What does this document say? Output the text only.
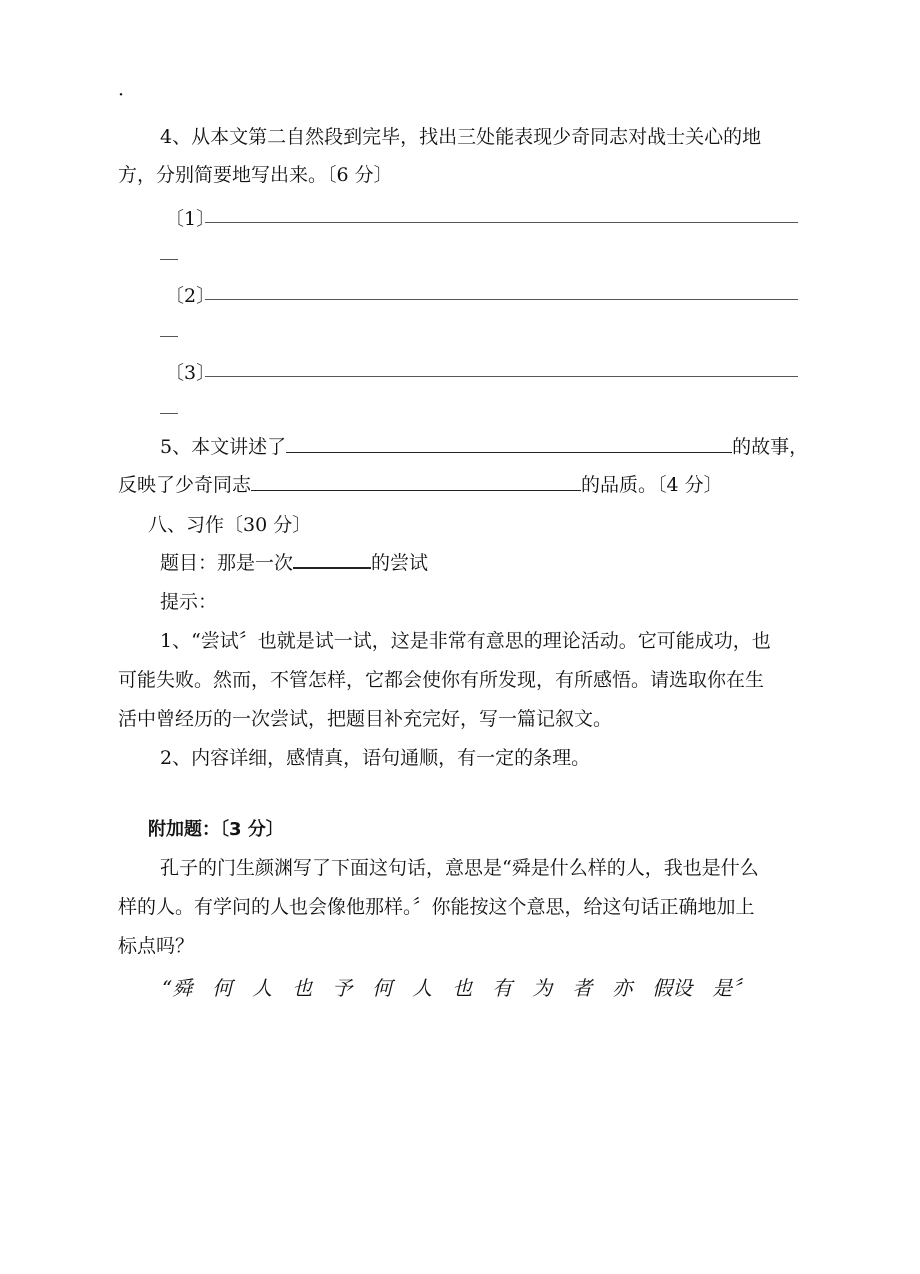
·
4、从本文第二自然段到完毕，找出三处能表现少奇同志对战士关心的地
方，分别简要地写出来。〔6 分〕
〔1〕
〔2〕
〔3〕
5、本文讲述了	的故事，
反映了少奇同志	的品质。〔4 分〕
八、习作〔30 分〕
题目：那是一次	的尝试
提示：
1、“尝试〞也就是试一试，这是非常有意思的理论活动。它可能成功，也
可能失败。然而，不管怎样，它都会使你有所发现，有所感悟。请选取你在生
活中曾经历的一次尝试，把题目补充完好，写一篇记叙文。
2、内容详细，感情真，语句通顺，有一定的条理。
附加题：〔3 分〕
孔子的门生颜渊写了下面这句话，意思是“舜是什么样的人，我也是什么
样的人。有学问的人也会像他那样。〞你能按这个意思，给这句话正确地加上
标点吗？
“舜 何 人 也 予 何 人 也 有 为 者 亦 假设 是〞
